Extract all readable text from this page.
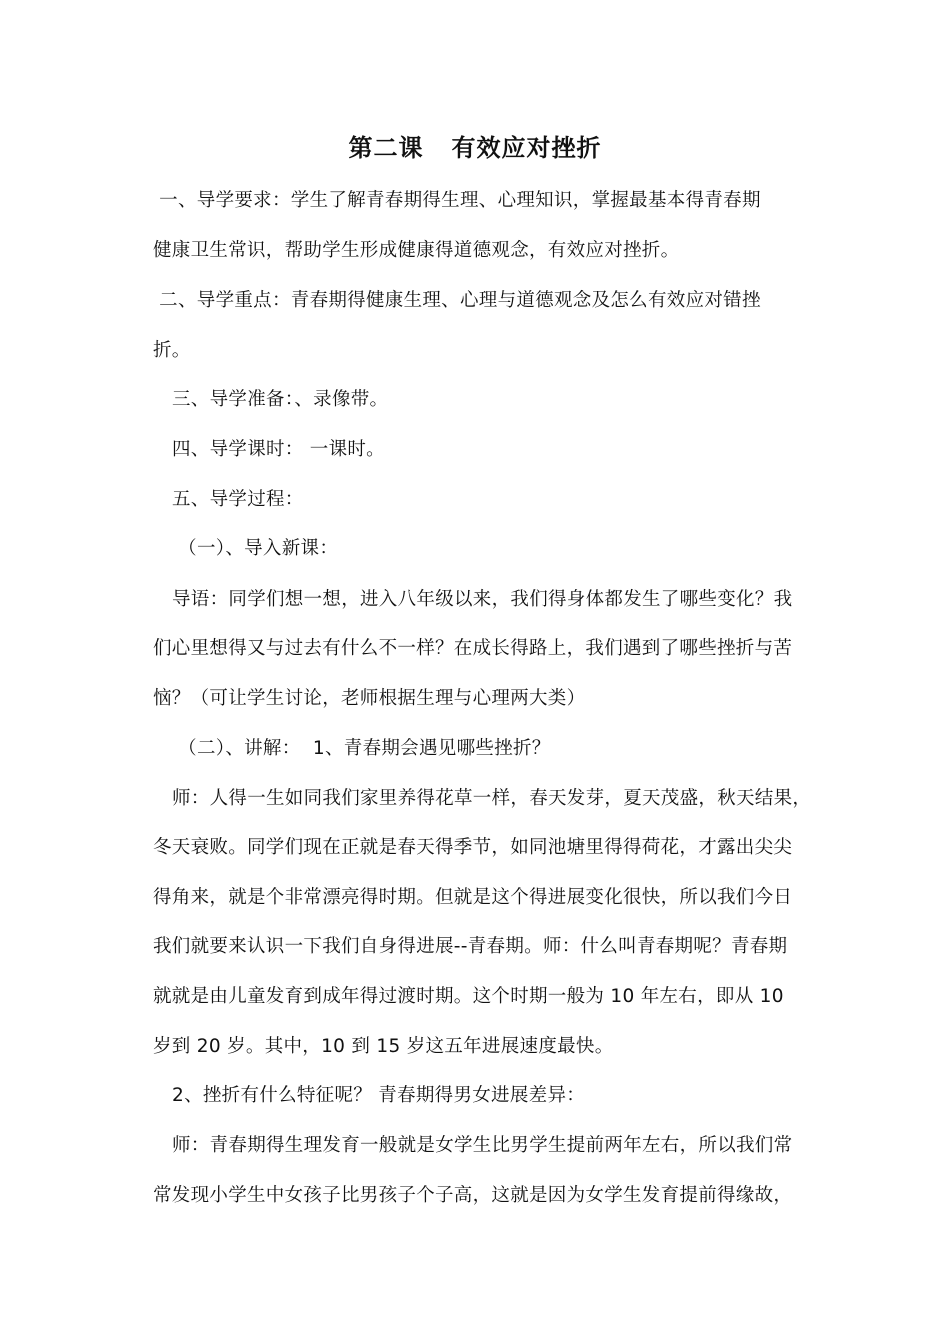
第二课   有效应对挫折
一、导学要求：学生了解青春期得生理、心理知识，掌握最基本得青春期
健康卫生常识，帮助学生形成健康得道德观念，有效应对挫折。
二、导学重点：青春期得健康生理、心理与道德观念及怎么有效应对错挫
折。
三、导学准备：、录像带。
四、导学课时： 一课时。
五、导学过程：
（一）、导入新课：
导语：同学们想一想，进入八年级以来，我们得身体都发生了哪些变化？我
们心里想得又与过去有什么不一样？在成长得路上，我们遇到了哪些挫折与苦
恼？（可让学生讨论，老师根据生理与心理两大类）
（二）、讲解：  1、青春期会遇见哪些挫折？
师：人得一生如同我们家里养得花草一样，春天发芽，夏天茂盛，秋天结果，
冬天衰败。同学们现在正就是春天得季节，如同池塘里得得荷花，才露出尖尖
得角来，就是个非常漂亮得时期。但就是这个得进展变化很快，所以我们今日
我们就要来认识一下我们自身得进展--青春期。师：什么叫青春期呢？青春期
就就是由儿童发育到成年得过渡时期。这个时期一般为 10 年左右，即从 10
岁到 20 岁。其中，10 到 15 岁这五年进展速度最快。
2、挫折有什么特征呢？ 青春期得男女进展差异：
师：青春期得生理发育一般就是女学生比男学生提前两年左右，所以我们常
常发现小学生中女孩子比男孩子个子高，这就是因为女学生发育提前得缘故，
